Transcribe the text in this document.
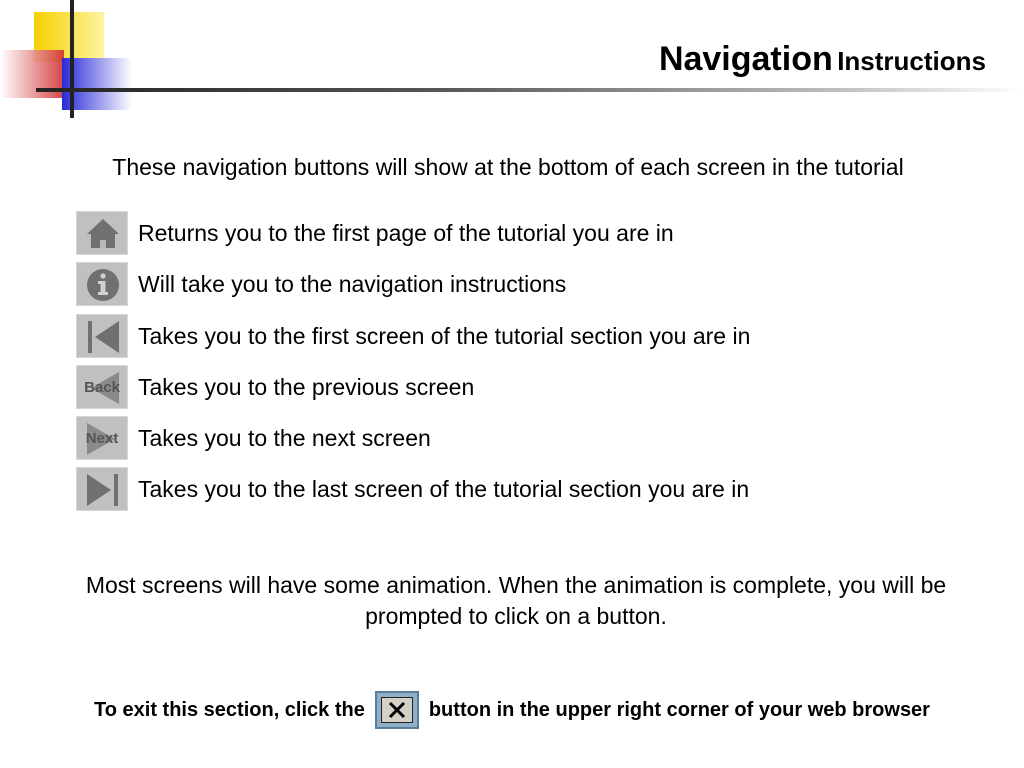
Navigation Instructions
These navigation buttons will show at the bottom of each screen in the tutorial
Returns you to the first page of the tutorial you are in
Will take you to the navigation instructions
Takes you to the first screen of the tutorial section you are in
Back Takes you to the previous screen
Next Takes you to the next screen
Takes you to the last screen of the tutorial section you are in
Most screens will have some animation. When the animation is complete, you will be prompted to click on a button.
To exit this section, click the	button in the upper right corner of your web browser
